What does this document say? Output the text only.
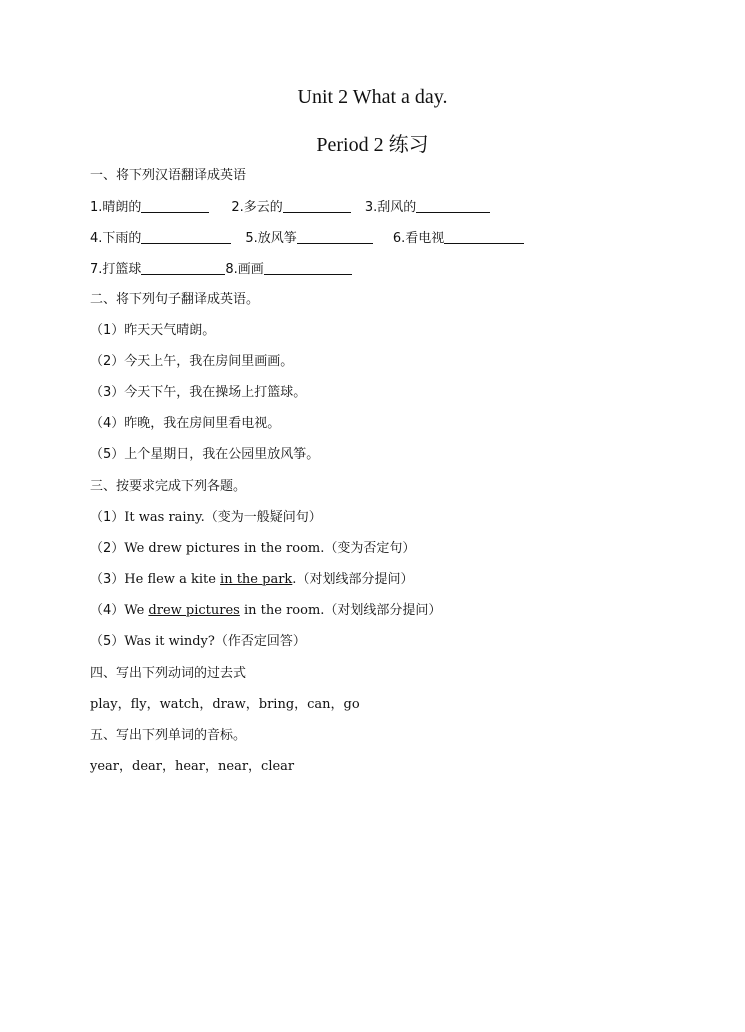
Unit 2 What a day.
Period 2 练习
一、将下列汉语翻译成英语
1.晴朗的	2.多云的	3.刮风的
4.下雨的	5.放风筝	6.看电视
7.打篮球	8.画画
二、将下列句子翻译成英语。
（1）昨天天气晴朗。
（2）今天上午，我在房间里画画。
（3）今天下午，我在操场上打篮球。
（4）昨晚，我在房间里看电视。
（5）上个星期日，我在公园里放风筝。
三、按要求完成下列各题。
（1）It was rainy.（变为一般疑问句）
（2）We drew pictures in the room.（变为否定句）
（3）He flew a kite in the park.（对划线部分提问）
（4）We drew pictures in the room.（对划线部分提问）
（5）Was it windy?（作否定回答）
四、写出下列动词的过去式
play，fly，watch，draw，bring，can，go
五、写出下列单词的音标。
year，dear，hear，near，clear
